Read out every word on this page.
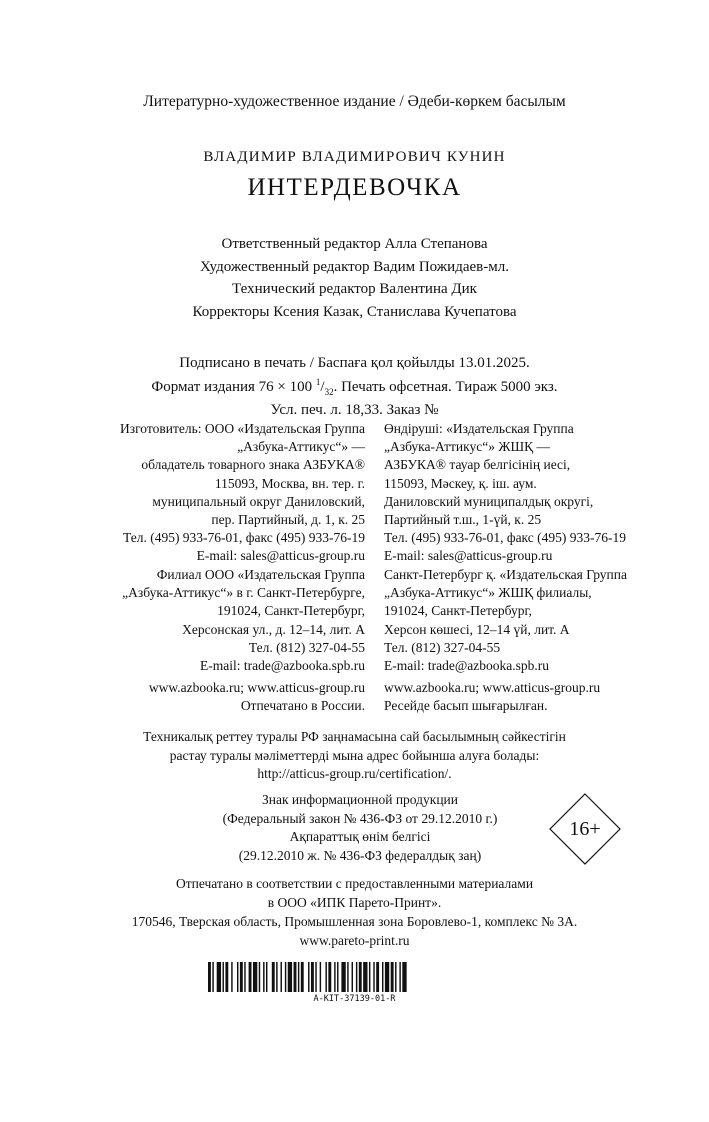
Литературно-художественное издание / Әдеби-көркем басылым
ВЛАДИМИР ВЛАДИМИРОВИЧ КУНИН
ИНТЕРДЕВОЧКА
Ответственный редактор Алла Степанова
Художественный редактор Вадим Пожидаев-мл.
Технический редактор Валентина Дик
Корректоры Ксения Казак, Станислава Кучепатова
Подписано в печать / Баспаға қол қойылды 13.01.2025.
Формат издания 76 × 100 $^1/_{32}$. Печать офсетная. Тираж 5000 экз.
Усл. печ. л. 18,33. Заказ №
Изготовитель: ООО «Издательская Группа
„Азбука-Аттикус“» —
обладатель товарного знака АЗБУКА®
115093, Москва, вн. тер. г.
муниципальный округ Даниловский,
пер. Партийный, д. 1, к. 25
Тел. (495) 933-76-01, факс (495) 933-76-19
E-mail: sales@atticus-group.ru
Өндіруші: «Издательская Группа
„Азбука-Аттикус“» ЖШҚ —
АЗБУКА® тауар белгісінің иесі,
115093, Мәскеу, қ. іш. аум.
Даниловский муниципалдық округі,
Партийный т.ш., 1-үй, к. 25
Тел. (495) 933-76-01, факс (495) 933-76-19
E-mail: sales@atticus-group.ru
Филиал ООО «Издательская Группа
„Азбука-Аттикус“» в г. Санкт-Петербурге,
191024, Санкт-Петербург,
Херсонская ул., д. 12–14, лит. А
Тел. (812) 327-04-55
E-mail: trade@azbooka.spb.ru
Санкт-Петербург қ. «Издательская Группа
„Азбука-Аттикус“» ЖШҚ филиалы,
191024, Санкт-Петербург,
Херсон көшесі, 12–14 үй, лит. А
Тел. (812) 327-04-55
E-mail: trade@azbooka.spb.ru
www.azbooka.ru; www.atticus-group.ru
Отпечатано в России.
www.azbooka.ru; www.atticus-group.ru
Ресейде басып шығарылған.
Техникалық реттеу туралы РФ заңнамасына сай басылымның сәйкестігін
растау туралы мәліметтерді мына адрес бойынша алуға болады:
http://atticus-group.ru/certification/.
Знак информационной продукции
(Федеральный закон № 436-ФЗ от 29.12.2010 г.)
Ақпараттық өнім белгісі
(29.12.2010 ж. № 436-ФЗ федералдық заң)
16+
Отпечатано в соответствии с предоставленными материалами
в ООО «ИПК Парето-Принт».
170546, Тверская область, Промышленная зона Боровлево-1, комплекс № 3А.
www.pareto-print.ru
A-KIT-37139-01-R
